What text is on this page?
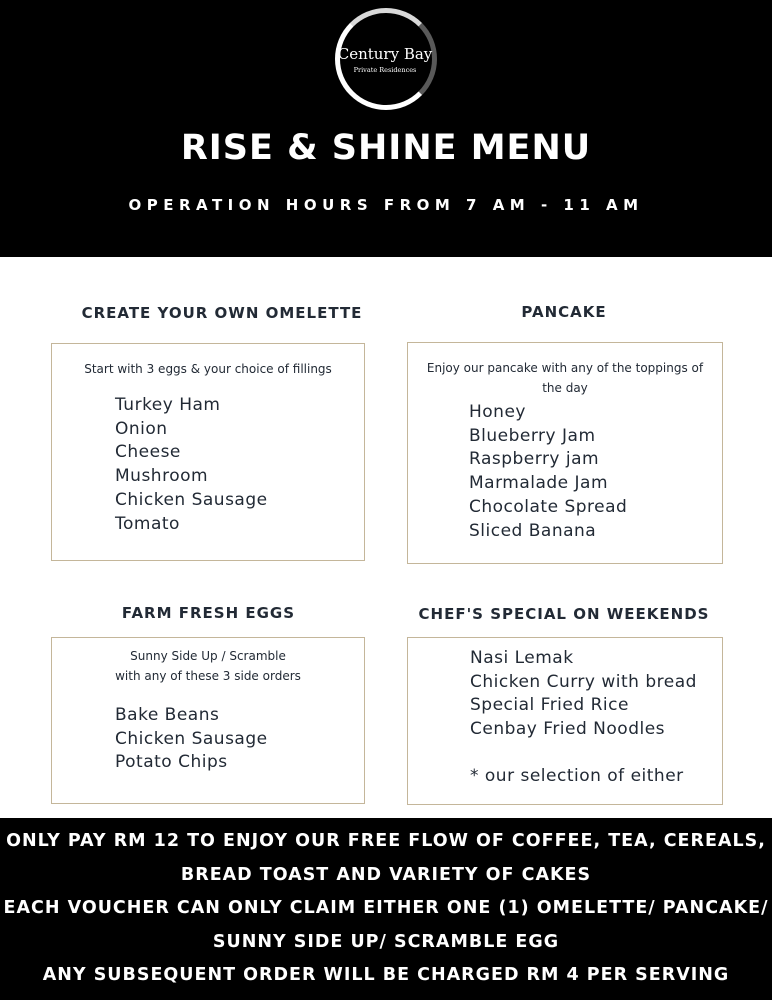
Century Bay
Private Residences
RISE & SHINE MENU
OPERATION HOURS FROM 7 AM - 11 AM
CREATE YOUR OWN OMELETTE

Start with 3 eggs & your choice of fillings

Turkey Ham
Onion
Cheese
Mushroom
Chicken Sausage
Tomato
PANCAKE

Enjoy our pancake with any of the toppings of

the day

Honey
Blueberry Jam
Raspberry jam
Marmalade Jam
Chocolate Spread
Sliced Banana
FARM FRESH EGGS

Sunny Side Up / Scramble

with any of these 3 side orders

Bake Beans
Chicken Sausage
Potato Chips
CHEF'S SPECIAL ON WEEKENDS
Nasi Lemak
Chicken Curry with bread
Special Fried Rice
Cenbay Fried Noodles
* our selection of either

ONLY PAY RM 12 TO ENJOY OUR FREE FLOW OF COFFEE, TEA, CEREALS,

BREAD TOAST AND VARIETY OF CAKES

EACH VOUCHER CAN ONLY CLAIM EITHER ONE (1) OMELETTE/ PANCAKE/

SUNNY SIDE UP/ SCRAMBLE EGG

ANY SUBSEQUENT ORDER WILL BE CHARGED RM 4 PER SERVING
